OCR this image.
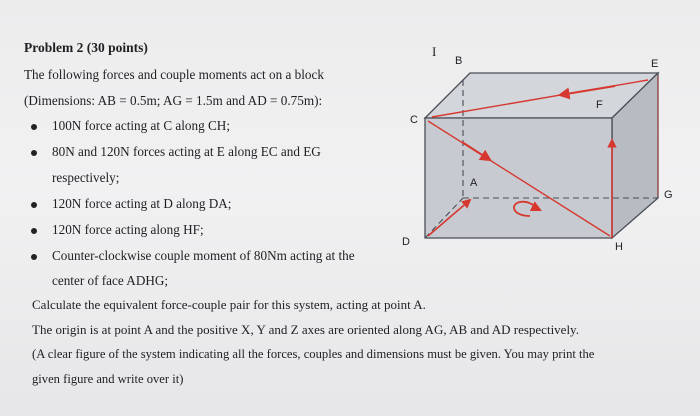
Problem 2 (30 points)
The following forces and couple moments act on a block
(Dimensions: AB = 0.5m; AG = 1.5m and AD = 0.75m):
100N force acting at C along CH;
80N and 120N forces acting at E along EC and EG
respectively;
120N force acting at D along DA;
120N force acting along HF;
Counter-clockwise couple moment of 80Nm acting at the
center of face ADHG;
Calculate the equivalent force-couple pair for this system, acting at point A.
The origin is at point A and the positive X, Y and Z axes are oriented along AG, AB and AD respectively.
(A clear figure of the system indicating all the forces, couples and dimensions must be given. You may print the
given figure and write over it)
B	E
C
F
A
G
D	H
I
